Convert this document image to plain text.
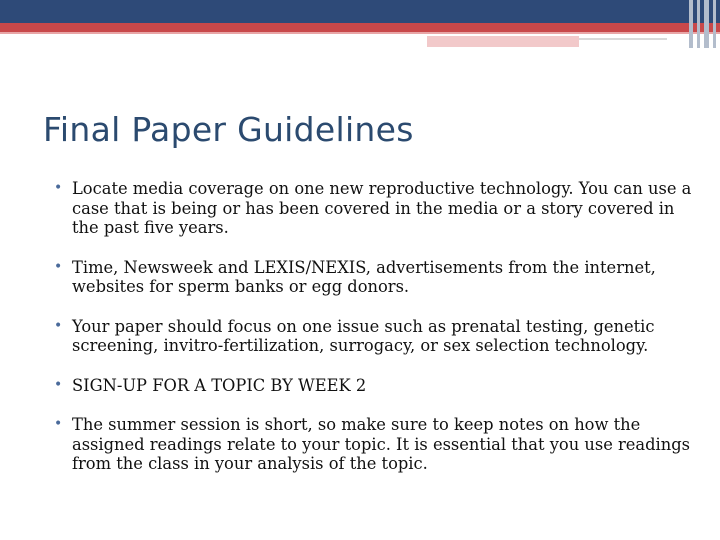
Final Paper Guidelines
• Locate media coverage on one new reproductive technology. You can use a case that is being or has been covered in the media or a story covered in the past five years.
• Time, Newsweek and LEXIS/NEXIS, advertisements from the internet, websites for sperm banks or egg donors.
• Your paper should focus on one issue such as prenatal testing, genetic screening, invitro-fertilization, surrogacy, or sex selection technology.
• SIGN-UP FOR A TOPIC BY WEEK 2
• The summer session is short, so make sure to keep notes on how the assigned readings relate to your topic. It is essential that you use readings from the class in your analysis of the topic.
